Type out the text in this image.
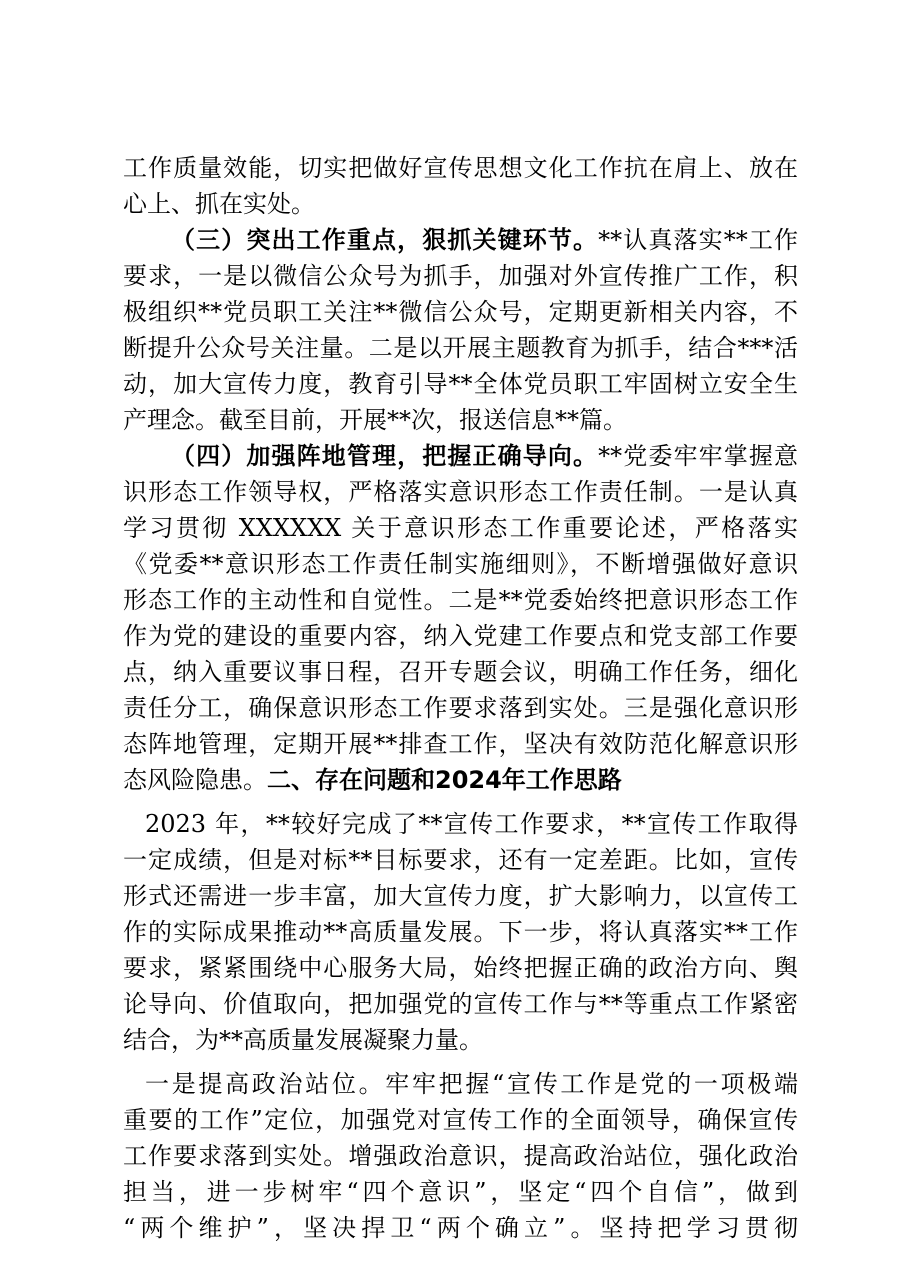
工作质量效能，切实把做好宣传思想文化工作抗在肩上、放在
心上、抓在实处。
（三）突出工作重点，狠抓关键环节。**认真落实**工作
要求，一是以微信公众号为抓手，加强对外宣传推广工作，积
极组织**党员职工关注**微信公众号，定期更新相关内容，不
断提升公众号关注量。二是以开展主题教育为抓手，结合***活
动，加大宣传力度，教育引导**全体党员职工牢固树立安全生
产理念。截至目前，开展**次，报送信息**篇。
（四）加强阵地管理，把握正确导向。**党委牢牢掌握意
识形态工作领导权，严格落实意识形态工作责任制。一是认真
学习贯彻 XXXXXX 关于意识形态工作重要论述，严格落实
《党委**意识形态工作责任制实施细则》，不断增强做好意识
形态工作的主动性和自觉性。二是**党委始终把意识形态工作
作为党的建设的重要内容，纳入党建工作要点和党支部工作要
点，纳入重要议事日程，召开专题会议，明确工作任务，细化
责任分工，确保意识形态工作要求落到实处。三是强化意识形
态阵地管理，定期开展**排查工作，坚决有效防范化解意识形
态风险隐患。二、存在问题和2024年工作思路
2023 年，**较好完成了**宣传工作要求，**宣传工作取得
一定成绩，但是对标**目标要求，还有一定差距。比如，宣传
形式还需进一步丰富，加大宣传力度，扩大影响力，以宣传工
作的实际成果推动**高质量发展。下一步，将认真落实**工作
要求，紧紧围绕中心服务大局，始终把握正确的政治方向、舆
论导向、价值取向，把加强党的宣传工作与**等重点工作紧密
结合，为**高质量发展凝聚力量。
一是提高政治站位。牢牢把握“宣传工作是党的一项极端
重要的工作”定位，加强党对宣传工作的全面领导，确保宣传
工作要求落到实处。增强政治意识，提高政治站位，强化政治
担当，进一步树牢“四个意识”，坚定“四个自信”，做到
“两个维护”，坚决捍卫“两个确立”。坚持把学习贯彻
